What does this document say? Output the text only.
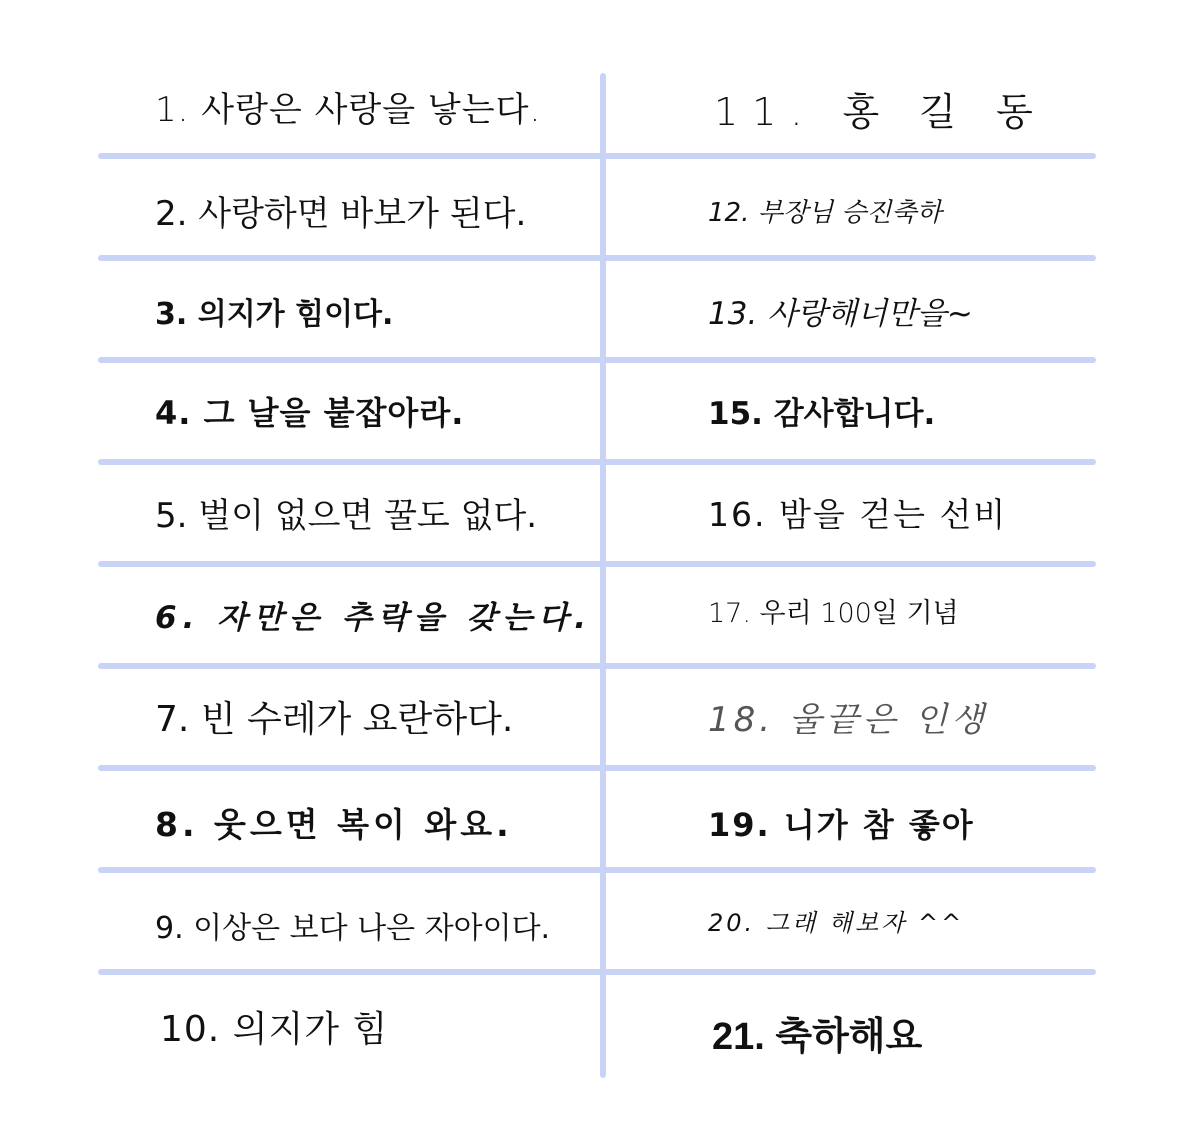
1. 사랑은 사랑을 낳는다.
2. 사랑하면 바보가 된다.
3. 의지가 힘이다.
4. 그 날을 붙잡아라.
5. 벌이 없으면 꿀도 없다.
6. 자만은 추락을 갖는다.
7. 빈 수레가 요란하다.
8. 웃으면 복이 와요.
9. 이상은 보다 나은 자아이다.
10. 의지가 힘
11. 홍 길 동
12. 부장님 승진축하
13. 사랑해너만을~
15. 감사합니다.
16. 밤을 걷는 선비
17. 우리 100일 기념
18. 울끝은 인생
19. 니가 참 좋아
20. 그래 해보자 ^^
21. 축하해요
